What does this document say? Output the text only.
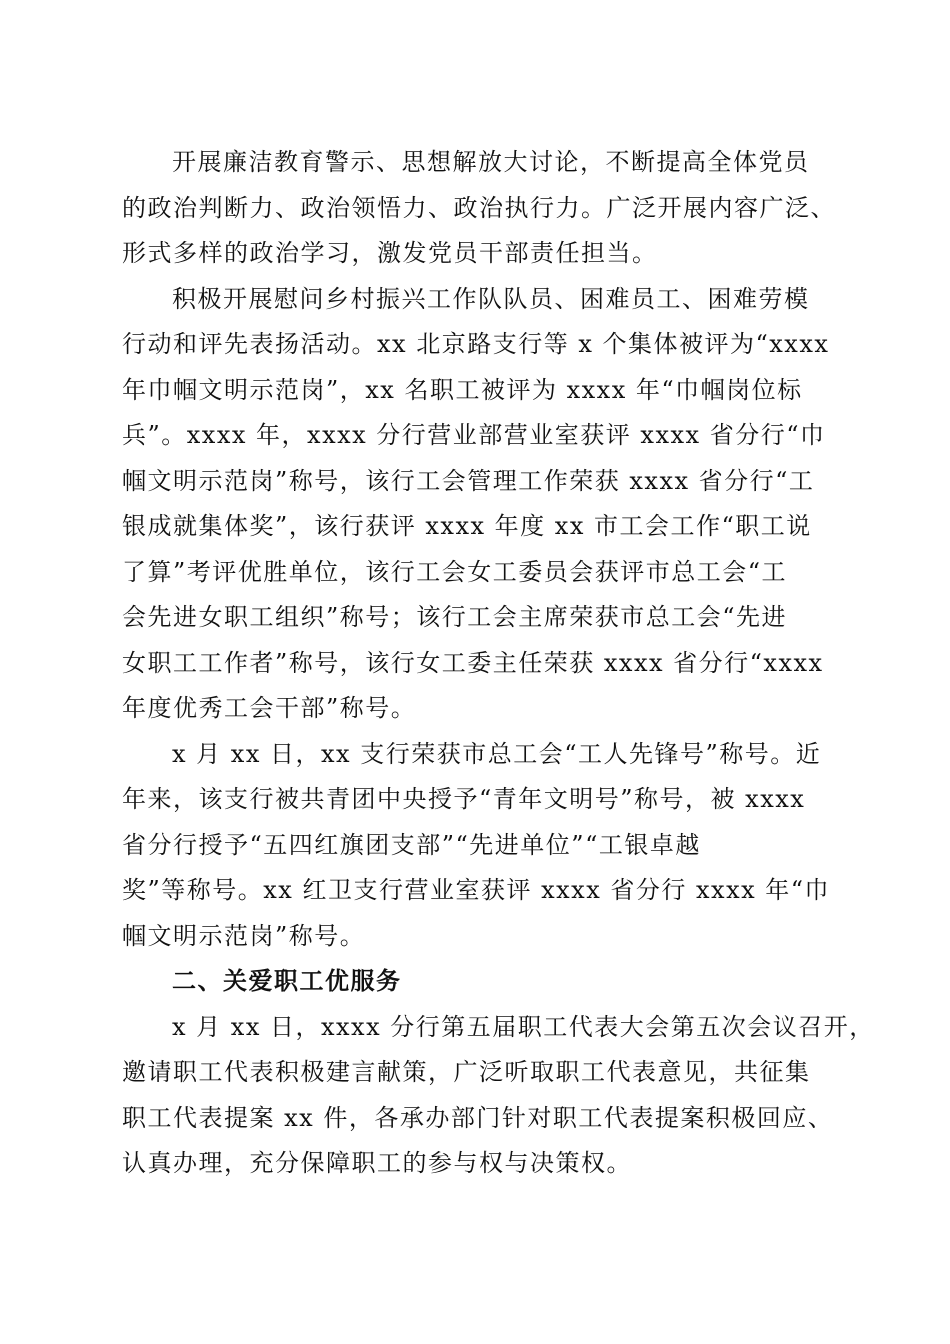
开展廉洁教育警示、思想解放大讨论，不断提高全体党员
的政治判断力、政治领悟力、政治执行力。广泛开展内容广泛、
形式多样的政治学习，激发党员干部责任担当。
积极开展慰问乡村振兴工作队队员、困难员工、困难劳模
行动和评先表扬活动。xx 北京路支行等 x 个集体被评为“xxxx
年巾帼文明示范岗”，xx 名职工被评为 xxxx 年“巾帼岗位标
兵”。xxxx 年，xxxx 分行营业部营业室获评 xxxx 省分行“巾
帼文明示范岗”称号，该行工会管理工作荣获 xxxx 省分行“工
银成就集体奖”，该行获评 xxxx 年度 xx 市工会工作“职工说
了算”考评优胜单位，该行工会女工委员会获评市总工会“工
会先进女职工组织”称号；该行工会主席荣获市总工会“先进
女职工工作者”称号，该行女工委主任荣获 xxxx 省分行“xxxx
年度优秀工会干部”称号。
x 月 xx 日，xx 支行荣获市总工会“工人先锋号”称号。近
年来，该支行被共青团中央授予“青年文明号”称号，被 xxxx
省分行授予“五四红旗团支部”“先进单位”“工银卓越
奖”等称号。xx 红卫支行营业室获评 xxxx 省分行 xxxx 年“巾
帼文明示范岗”称号。
二、关爱职工优服务
x 月 xx 日，xxxx 分行第五届职工代表大会第五次会议召开，
邀请职工代表积极建言献策，广泛听取职工代表意见，共征集
职工代表提案 xx 件，各承办部门针对职工代表提案积极回应、
认真办理，充分保障职工的参与权与决策权。
